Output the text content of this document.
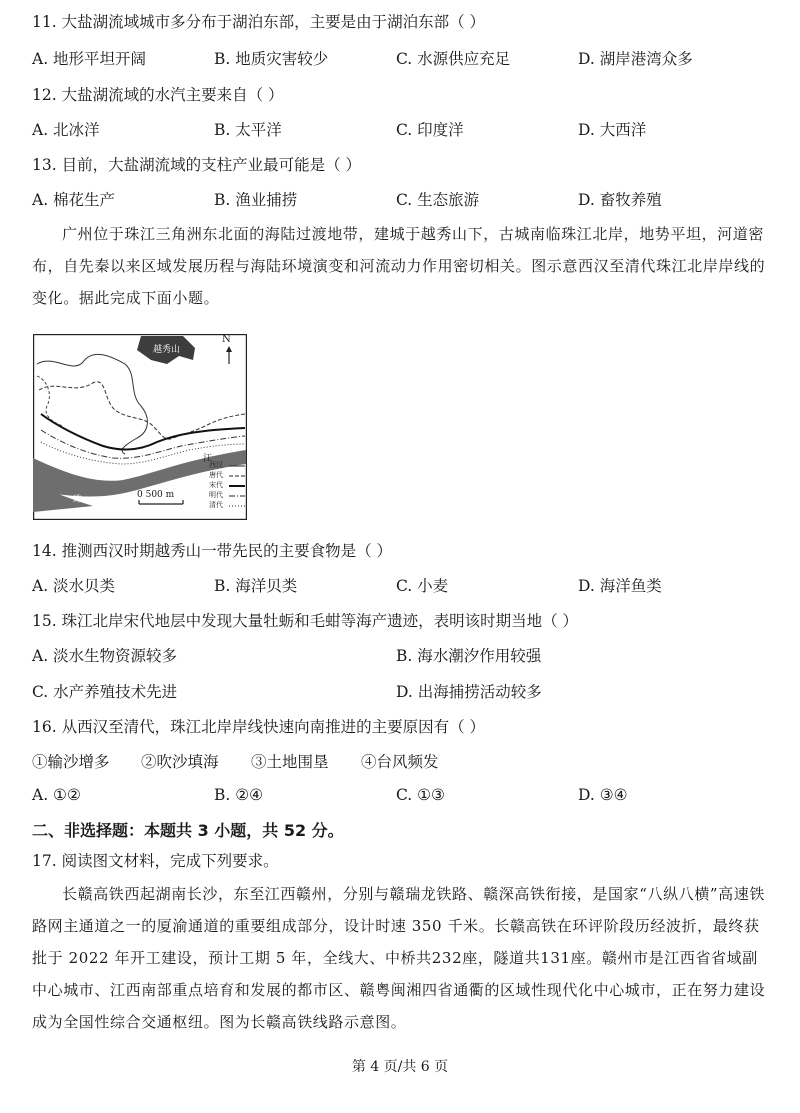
11. 大盐湖流域城市多分布于湖泊东部，主要是由于湖泊东部（ ）
A. 地形平坦开阔	B. 地质灾害较少	C. 水源供应充足	D. 湖岸港湾众多
12. 大盐湖流域的水汽主要来自（ ）
A. 北冰洋	B. 太平洋	C. 印度洋	D. 大西洋
13. 目前，大盐湖流域的支柱产业最可能是（ ）
A. 棉花生产	B. 渔业捕捞	C. 生态旅游	D. 畜牧养殖
广州位于珠江三角洲东北面的海陆过渡地带，建城于越秀山下，古城南临珠江北岸，地势平坦，河道密布，自先秦以来区域发展历程与海陆环境演变和河流动力作用密切相关。图示意西汉至清代珠江北岸岸线的变化。据此完成下面小题。
越秀山
N
江
珠	0 500 m
西汉
唐代
宋代
明代
清代
14. 推测西汉时期越秀山一带先民的主要食物是（ ）
A. 淡水贝类	B. 海洋贝类	C. 小麦	D. 海洋鱼类
15. 珠江北岸宋代地层中发现大量牡蛎和毛蚶等海产遗迹，表明该时期当地（ ）
A. 淡水生物资源较多	B. 海水潮汐作用较强
C. 水产养殖技术先进	D. 出海捕捞活动较多
16. 从西汉至清代，珠江北岸岸线快速向南推进的主要原因有（ ）
①输沙增多 ②吹沙填海 ③土地围垦 ④台风频发
A. ①②	B. ②④	C. ①③	D. ③④
二、非选择题：本题共 3 小题，共 52 分。
17. 阅读图文材料，完成下列要求。
长赣高铁西起湖南长沙，东至江西赣州，分别与赣瑞龙铁路、赣深高铁衔接，是国家“八纵八横”高速铁路网主通道之一的厦渝通道的重要组成部分，设计时速 350 千米。长赣高铁在环评阶段历经波折，最终获批于 2022 年开工建设，预计工期 5 年，全线大、中桥共232座，隧道共131座。赣州市是江西省省域副中心城市、江西南部重点培育和发展的都市区、赣粤闽湘四省通衢的区域性现代化中心城市，正在努力建设成为全国性综合交通枢纽。图为长赣高铁线路示意图。
第 4 页/共 6 页
